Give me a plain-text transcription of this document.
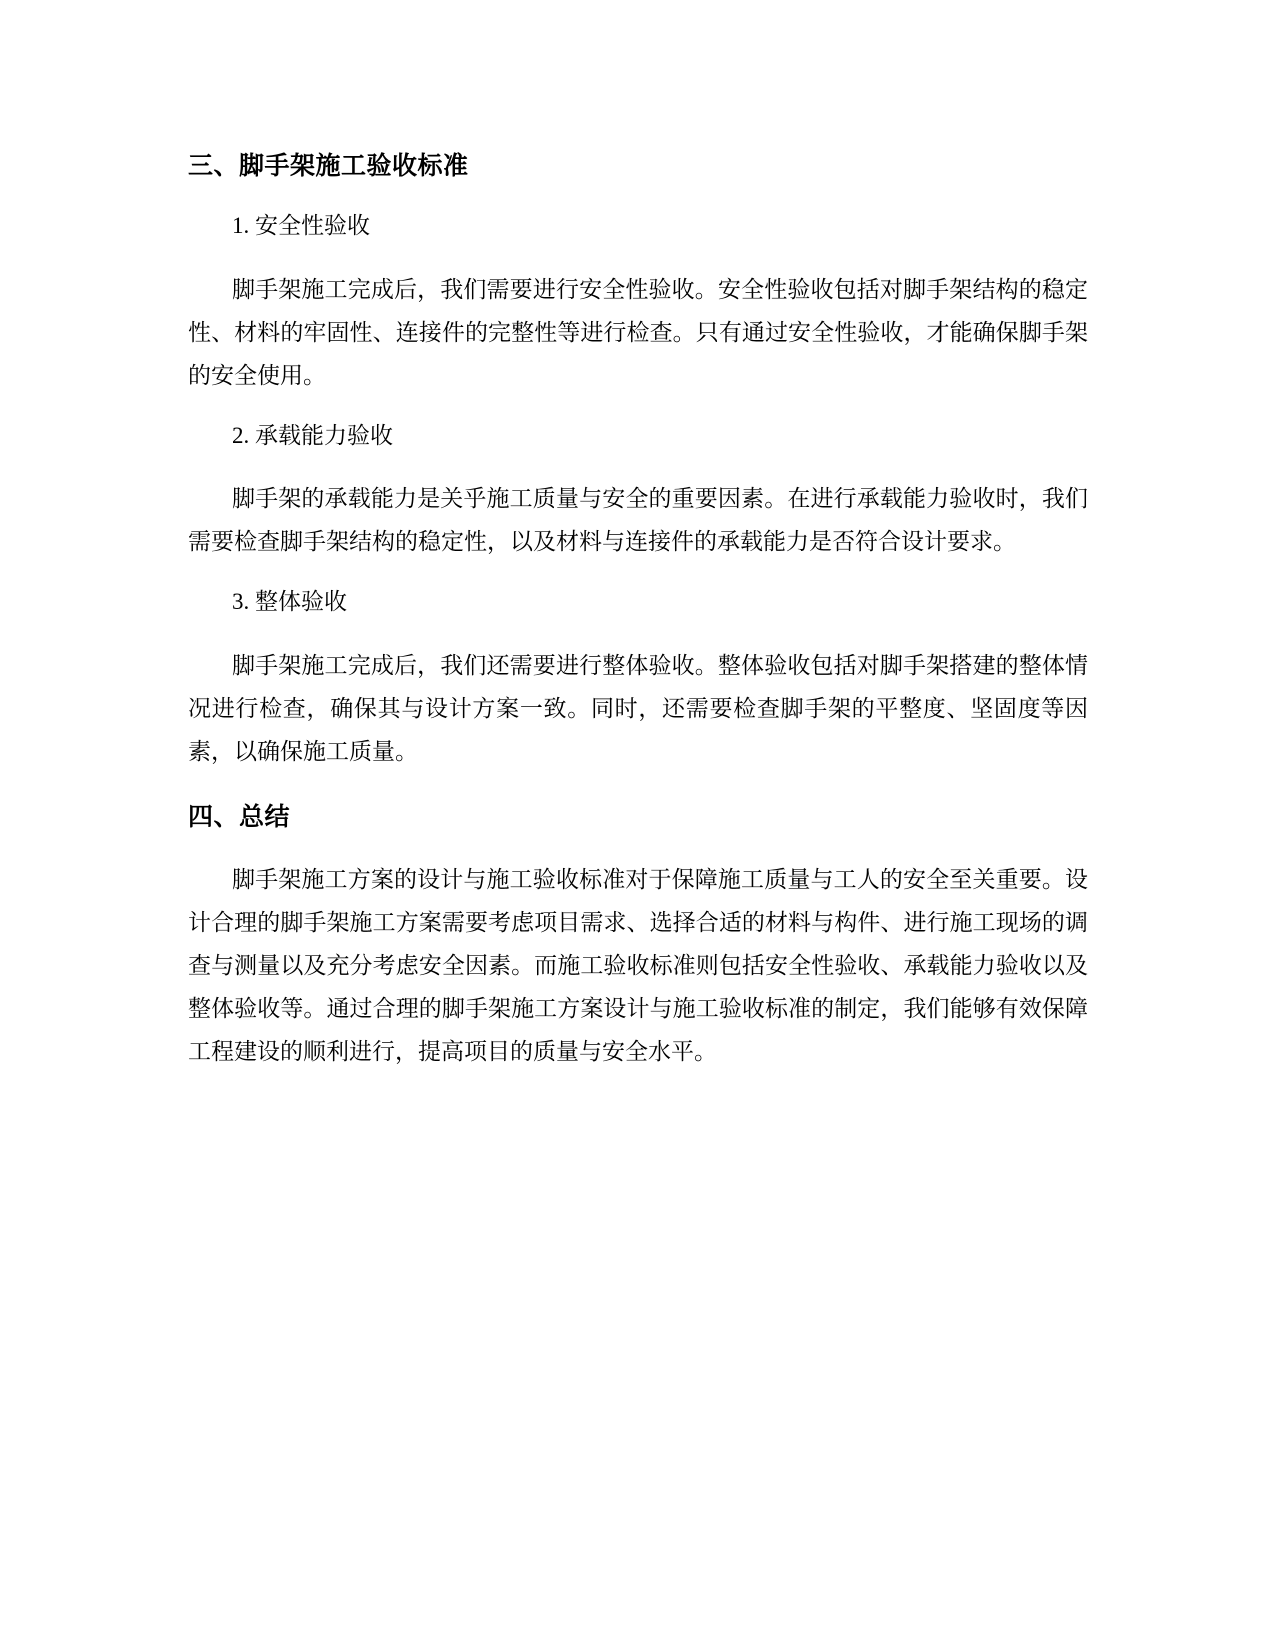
三、脚手架施工验收标准

1. 安全性验收

脚手架施工完成后，我们需要进行安全性验收。安全性验收包括对脚手架结构的稳定性、材料的牢固性、连接件的完整性等进行检查。只有通过安全性验收，才能确保脚手架的安全使用。

2. 承载能力验收

脚手架的承载能力是关乎施工质量与安全的重要因素。在进行承载能力验收时，我们需要检查脚手架结构的稳定性，以及材料与连接件的承载能力是否符合设计要求。

3. 整体验收

脚手架施工完成后，我们还需要进行整体验收。整体验收包括对脚手架搭建的整体情况进行检查，确保其与设计方案一致。同时，还需要检查脚手架的平整度、坚固度等因素，以确保施工质量。

四、总结

脚手架施工方案的设计与施工验收标准对于保障施工质量与工人的安全至关重要。设计合理的脚手架施工方案需要考虑项目需求、选择合适的材料与构件、进行施工现场的调查与测量以及充分考虑安全因素。而施工验收标准则包括安全性验收、承载能力验收以及整体验收等。通过合理的脚手架施工方案设计与施工验收标准的制定，我们能够有效保障工程建设的顺利进行，提高项目的质量与安全水平。
